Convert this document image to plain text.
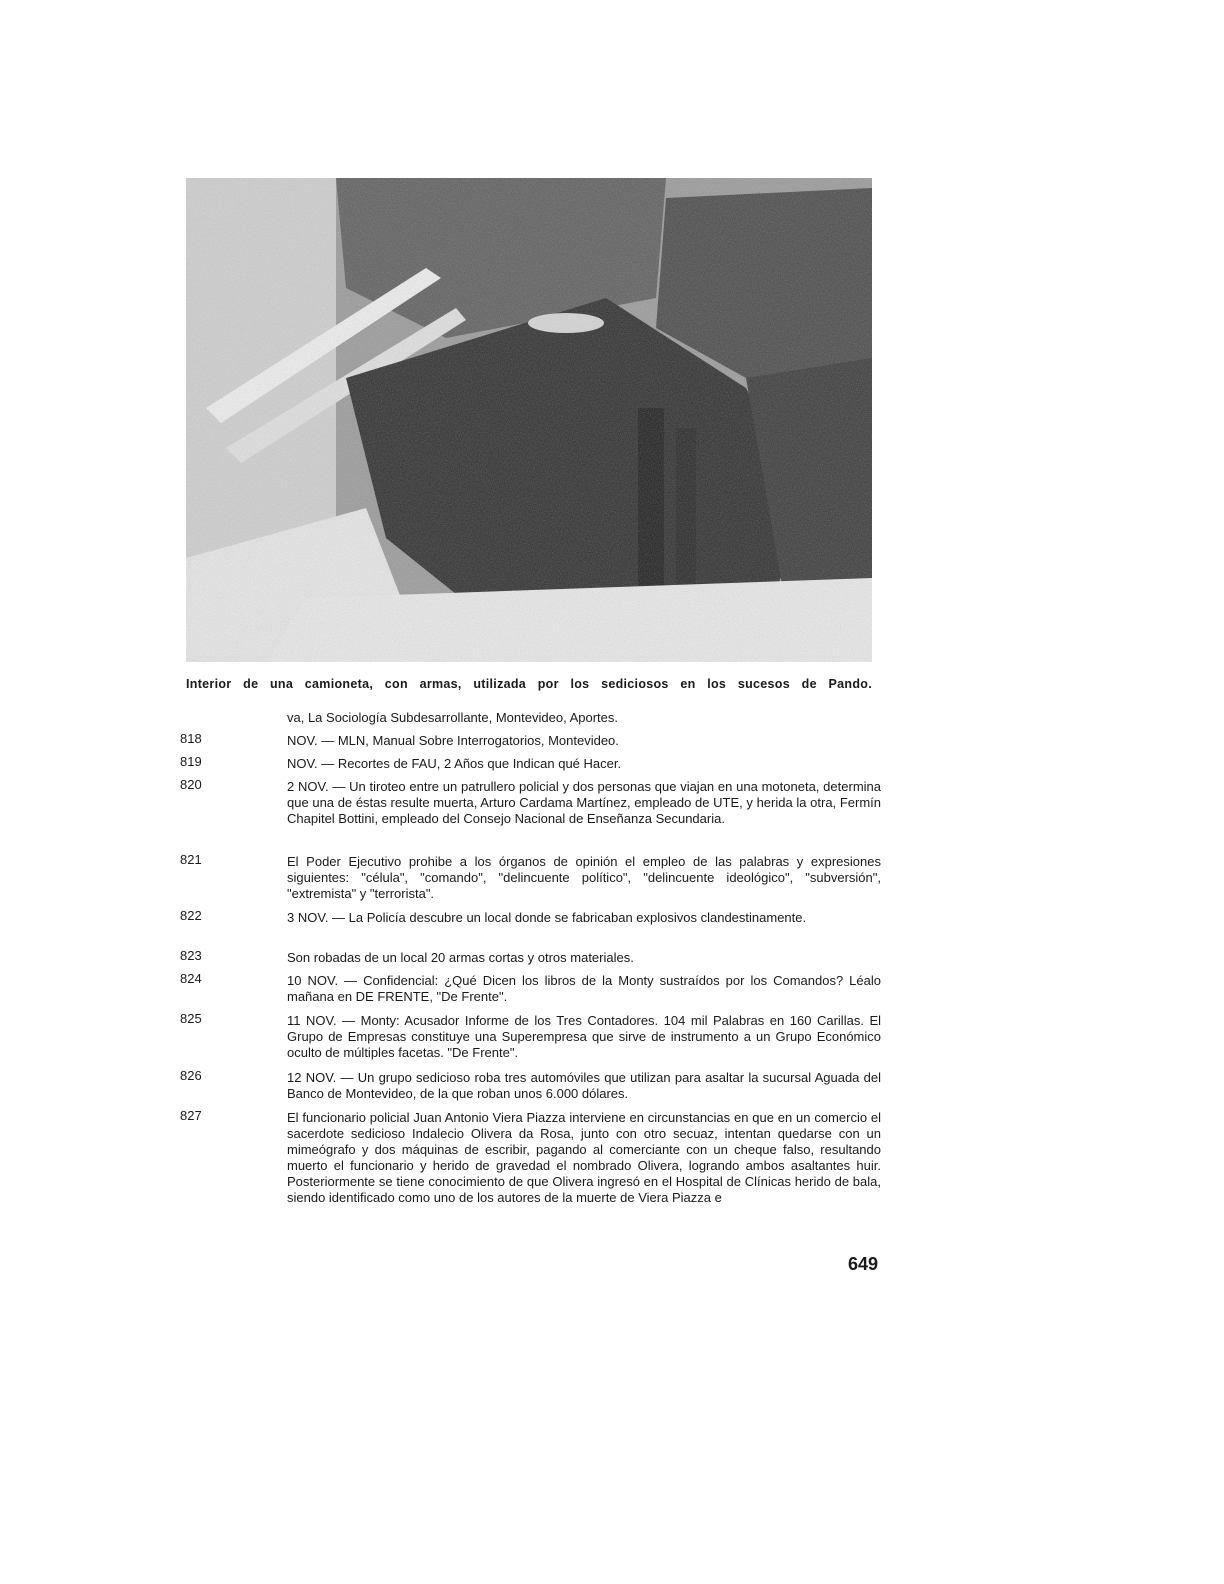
Interior de una camioneta, con armas, utilizada por los sediciosos en los sucesos de Pando.
va, La Sociología Subdesarrollante, Montevideo, Aportes.
818	NOV. — MLN, Manual Sobre Interrogatorios, Montevideo.
819	NOV. — Recortes de FAU, 2 Años que Indican qué Hacer.
820	2 NOV. — Un tiroteo entre un patrullero policial y dos personas que viajan en una motoneta, determina que una de éstas resulte muerta, Arturo Cardama Martínez, empleado de UTE, y herida la otra, Fermín Chapitel Bottini, empleado del Consejo Nacional de Enseñanza Secundaria.
821	El Poder Ejecutivo prohibe a los órganos de opinión el empleo de las palabras y expresiones siguientes: "célula", "comando", "delincuente político", "delincuente ideológico", "subversión", "extremista" y "terrorista".
822	3 NOV. — La Policía descubre un local donde se fabricaban explosivos clandestinamente.
823	Son robadas de un local 20 armas cortas y otros materiales.
824	10 NOV. — Confidencial: ¿Qué Dicen los libros de la Monty sustraídos por los Comandos? Léalo mañana en DE FRENTE, "De Frente".
825	11 NOV. — Monty: Acusador Informe de los Tres Contadores. 104 mil Palabras en 160 Carillas. El Grupo de Empresas constituye una Superempresa que sirve de instrumento a un Grupo Económico oculto de múltiples facetas. "De Frente".
826	12 NOV. — Un grupo sedicioso roba tres automóviles que utilizan para asaltar la sucursal Aguada del Banco de Montevideo, de la que roban unos 6.000 dólares.
827	El funcionario policial Juan Antonio Viera Piazza interviene en circunstancias en que en un comercio el sacerdote sedicioso Indalecio Olivera da Rosa, junto con otro secuaz, intentan quedarse con un mimeógrafo y dos máquinas de escribir, pagando al comerciante con un cheque falso, resultando muerto el funcionario y herido de gravedad el nombrado Olivera, logrando ambos asaltantes huir. Posteriormente se tiene conocimiento de que Olivera ingresó en el Hospital de Clínicas herido de bala, siendo identificado como uno de los autores de la muerte de Viera Piazza e
649
